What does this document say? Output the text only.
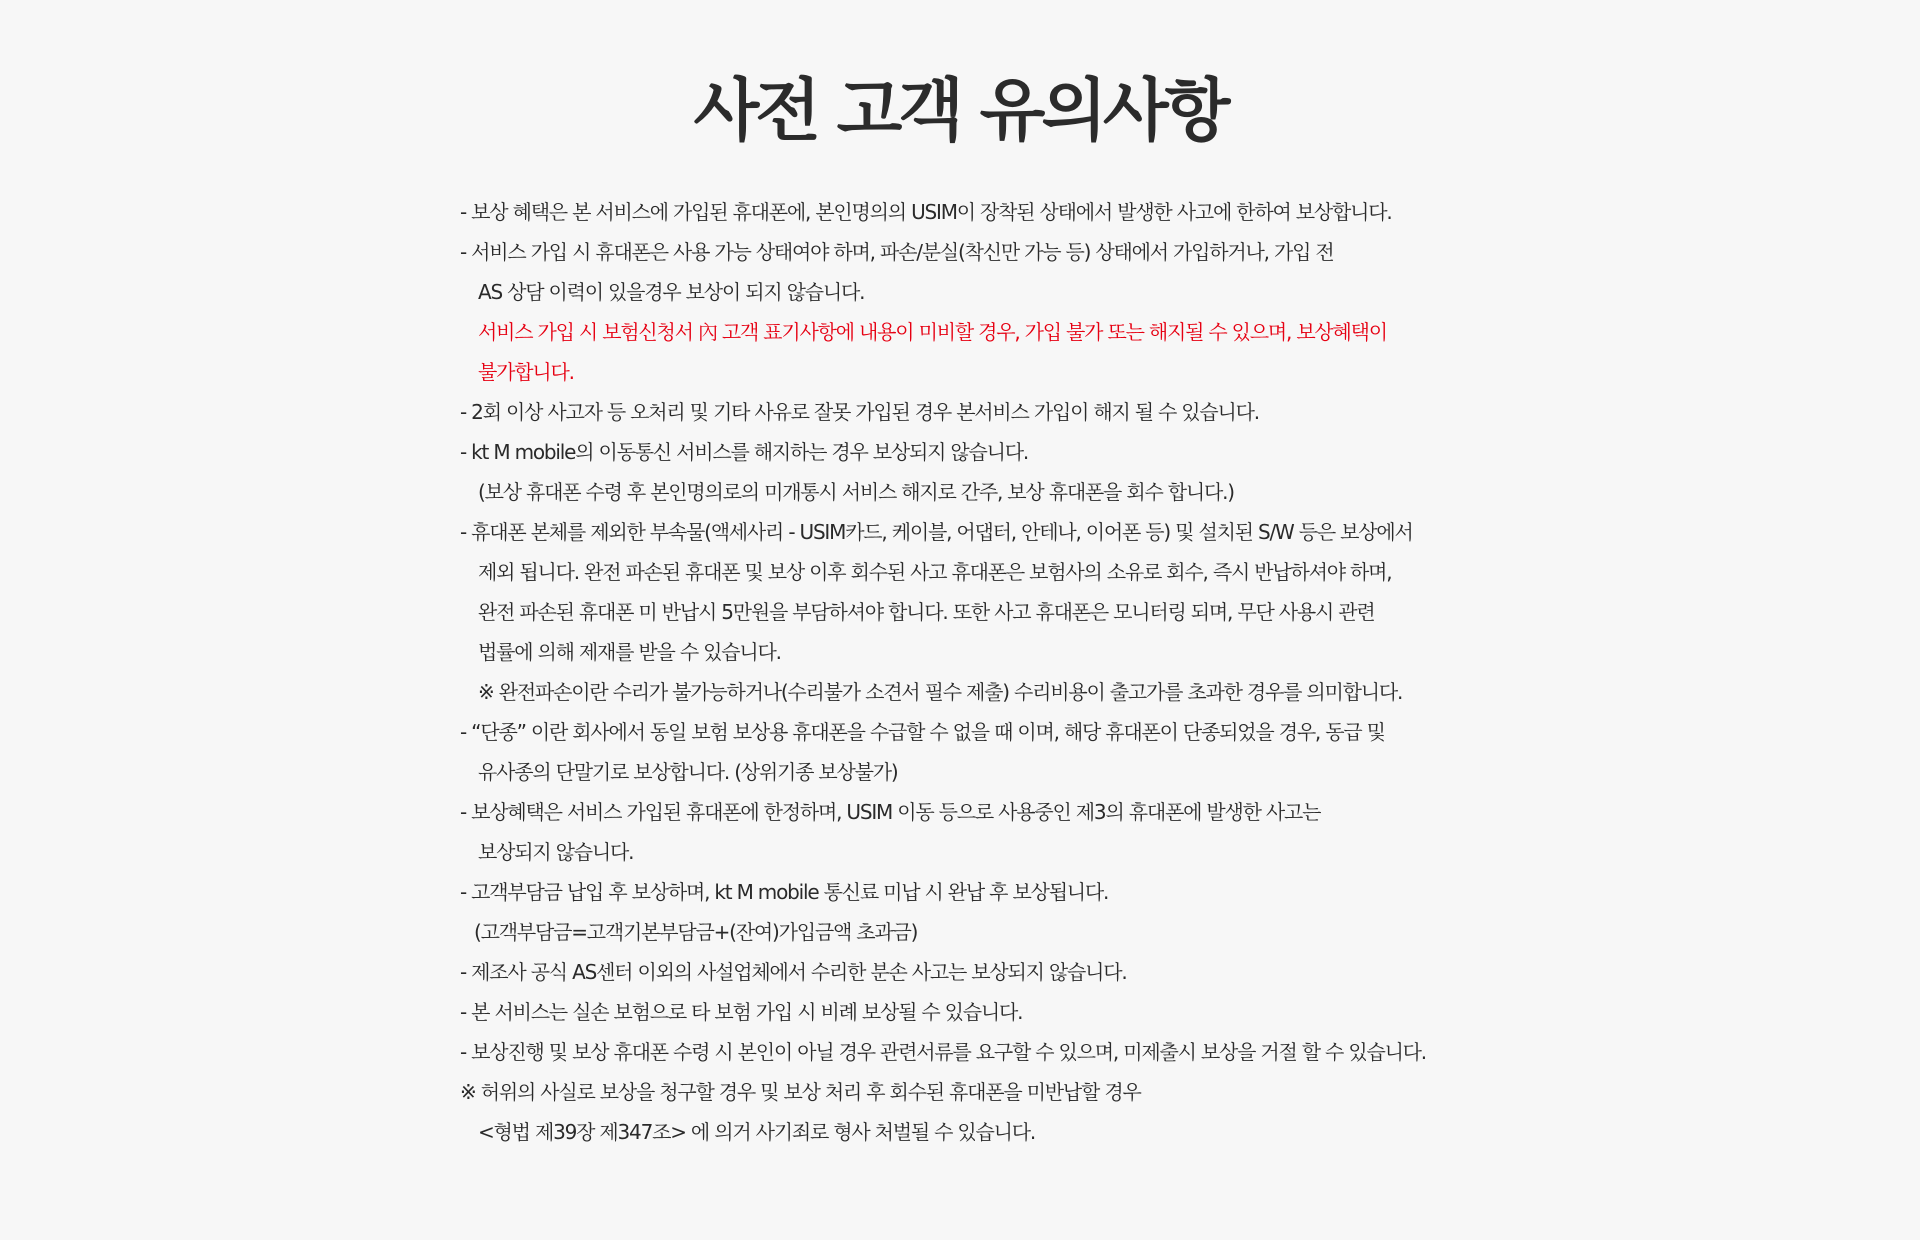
사전 고객 유의사항
- 보상 혜택은 본 서비스에 가입된 휴대폰에, 본인명의의 USIM이 장착된 상태에서 발생한 사고에 한하여 보상합니다.
- 서비스 가입 시 휴대폰은 사용 가능 상태여야 하며, 파손/분실(착신만 가능 등) 상태에서 가입하거나, 가입 전
AS 상담 이력이 있을경우 보상이 되지 않습니다.
서비스 가입 시 보험신청서 內 고객 표기사항에 내용이 미비할 경우, 가입 불가 또는 해지될 수 있으며, 보상혜택이
불가합니다.
- 2회 이상 사고자 등 오처리 및 기타 사유로 잘못 가입된 경우 본서비스 가입이 해지 될 수 있습니다.
- kt M mobile의 이동통신 서비스를 해지하는 경우 보상되지 않습니다.
(보상 휴대폰 수령 후 본인명의로의 미개통시 서비스 해지로 간주, 보상 휴대폰을 회수 합니다.)
- 휴대폰 본체를 제외한 부속물(액세사리 - USIM카드, 케이블, 어댑터, 안테나, 이어폰 등) 및 설치된 S/W 등은 보상에서
제외 됩니다. 완전 파손된 휴대폰 및 보상 이후 회수된 사고 휴대폰은 보험사의 소유로 회수, 즉시 반납하셔야 하며,
완전 파손된 휴대폰 미 반납시 5만원을 부담하셔야 합니다. 또한 사고 휴대폰은 모니터링 되며, 무단 사용시 관련
법률에 의해 제재를 받을 수 있습니다.
※ 완전파손이란 수리가 불가능하거나(수리불가 소견서 필수 제출) 수리비용이 출고가를 초과한 경우를 의미합니다.
- “단종” 이란 회사에서 동일 보험 보상용 휴대폰을 수급할 수 없을 때 이며, 해당 휴대폰이 단종되었을 경우, 동급 및
유사종의 단말기로 보상합니다. (상위기종 보상불가)
- 보상혜택은 서비스 가입된 휴대폰에 한정하며, USIM 이동 등으로 사용중인 제3의 휴대폰에 발생한 사고는
보상되지 않습니다.
- 고객부담금 납입 후 보상하며, kt M mobile 통신료 미납 시 완납 후 보상됩니다.
(고객부담금=고객기본부담금+(잔여)가입금액 초과금)
- 제조사 공식 AS센터 이외의 사설업체에서 수리한 분손 사고는 보상되지 않습니다.
- 본 서비스는 실손 보험으로 타 보험 가입 시 비례 보상될 수 있습니다.
- 보상진행 및 보상 휴대폰 수령 시 본인이 아닐 경우 관련서류를 요구할 수 있으며, 미제출시 보상을 거절 할 수 있습니다.
※ 허위의 사실로 보상을 청구할 경우 및 보상 처리 후 회수된 휴대폰을 미반납할 경우
<형법 제39장 제347조> 에 의거 사기죄로 형사 처벌될 수 있습니다.
